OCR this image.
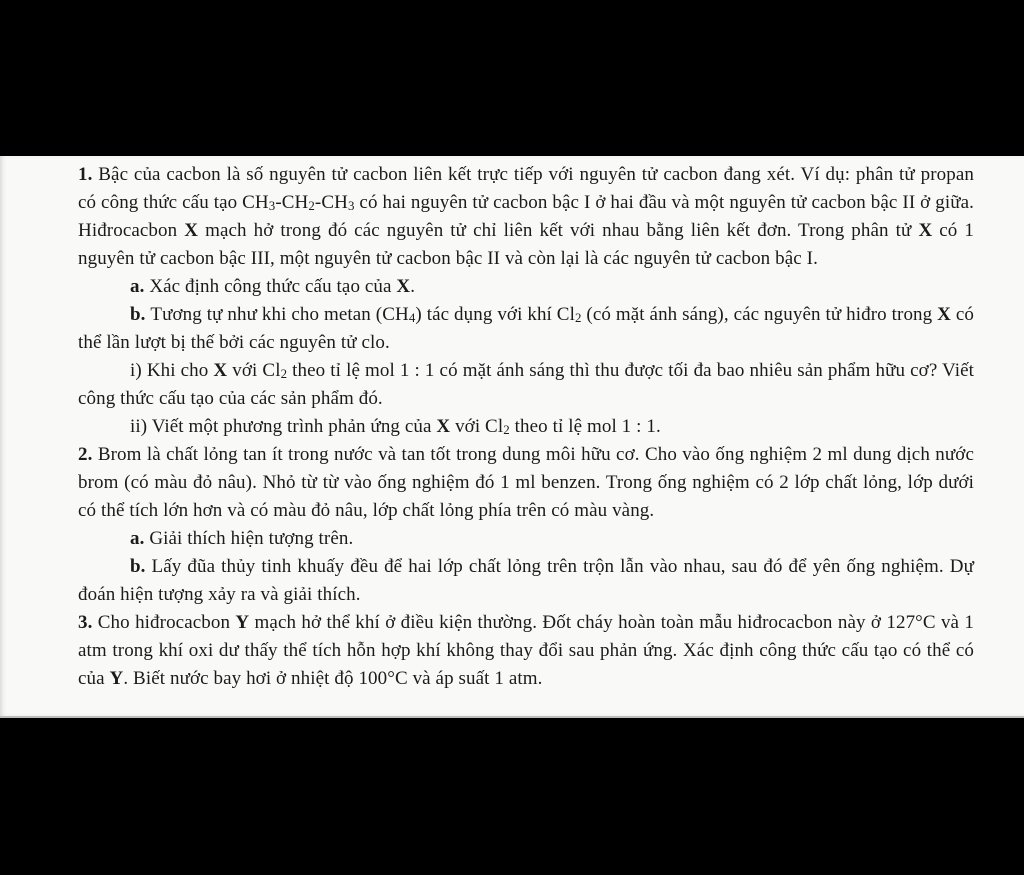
1. Bậc của cacbon là số nguyên tử cacbon liên kết trực tiếp với nguyên tử cacbon đang xét. Ví dụ: phân tử propan có công thức cấu tạo $CH_3-CH_2-CH_3$ có hai nguyên tử cacbon bậc I ở hai đầu và một nguyên tử cacbon bậc II ở giữa. Hiđrocacbon X mạch hở trong đó các nguyên tử chỉ liên kết với nhau bằng liên kết đơn. Trong phân tử X có 1 nguyên tử cacbon bậc III, một nguyên tử cacbon bậc II và còn lại là các nguyên tử cacbon bậc I.

a. Xác định công thức cấu tạo của X.

b. Tương tự như khi cho metan $(CH_4)$ tác dụng với khí $Cl_2$ (có mặt ánh sáng), các nguyên tử hiđro trong X có thể lần lượt bị thế bởi các nguyên tử clo.

i) Khi cho X với $Cl_2$ theo tỉ lệ mol 1 : 1 có mặt ánh sáng thì thu được tối đa bao nhiêu sản phẩm hữu cơ? Viết công thức cấu tạo của các sản phẩm đó.

ii) Viết một phương trình phản ứng của X với $Cl_2$ theo tỉ lệ mol 1 : 1.

2. Brom là chất lỏng tan ít trong nước và tan tốt trong dung môi hữu cơ. Cho vào ống nghiệm 2 ml dung dịch nước brom (có màu đỏ nâu). Nhỏ từ từ vào ống nghiệm đó 1 ml benzen. Trong ống nghiệm có 2 lớp chất lỏng, lớp dưới có thể tích lớn hơn và có màu đỏ nâu, lớp chất lỏng phía trên có màu vàng.

a. Giải thích hiện tượng trên.

b. Lấy đũa thủy tinh khuấy đều để hai lớp chất lỏng trên trộn lẫn vào nhau, sau đó để yên ống nghiệm. Dự đoán hiện tượng xảy ra và giải thích.

3. Cho hiđrocacbon Y mạch hở thể khí ở điều kiện thường. Đốt cháy hoàn toàn mẫu hiđrocacbon này ở 127°C và 1 atm trong khí oxi dư thấy thể tích hỗn hợp khí không thay đổi sau phản ứng. Xác định công thức cấu tạo có thể có của Y. Biết nước bay hơi ở nhiệt độ 100°C và áp suất 1 atm.
